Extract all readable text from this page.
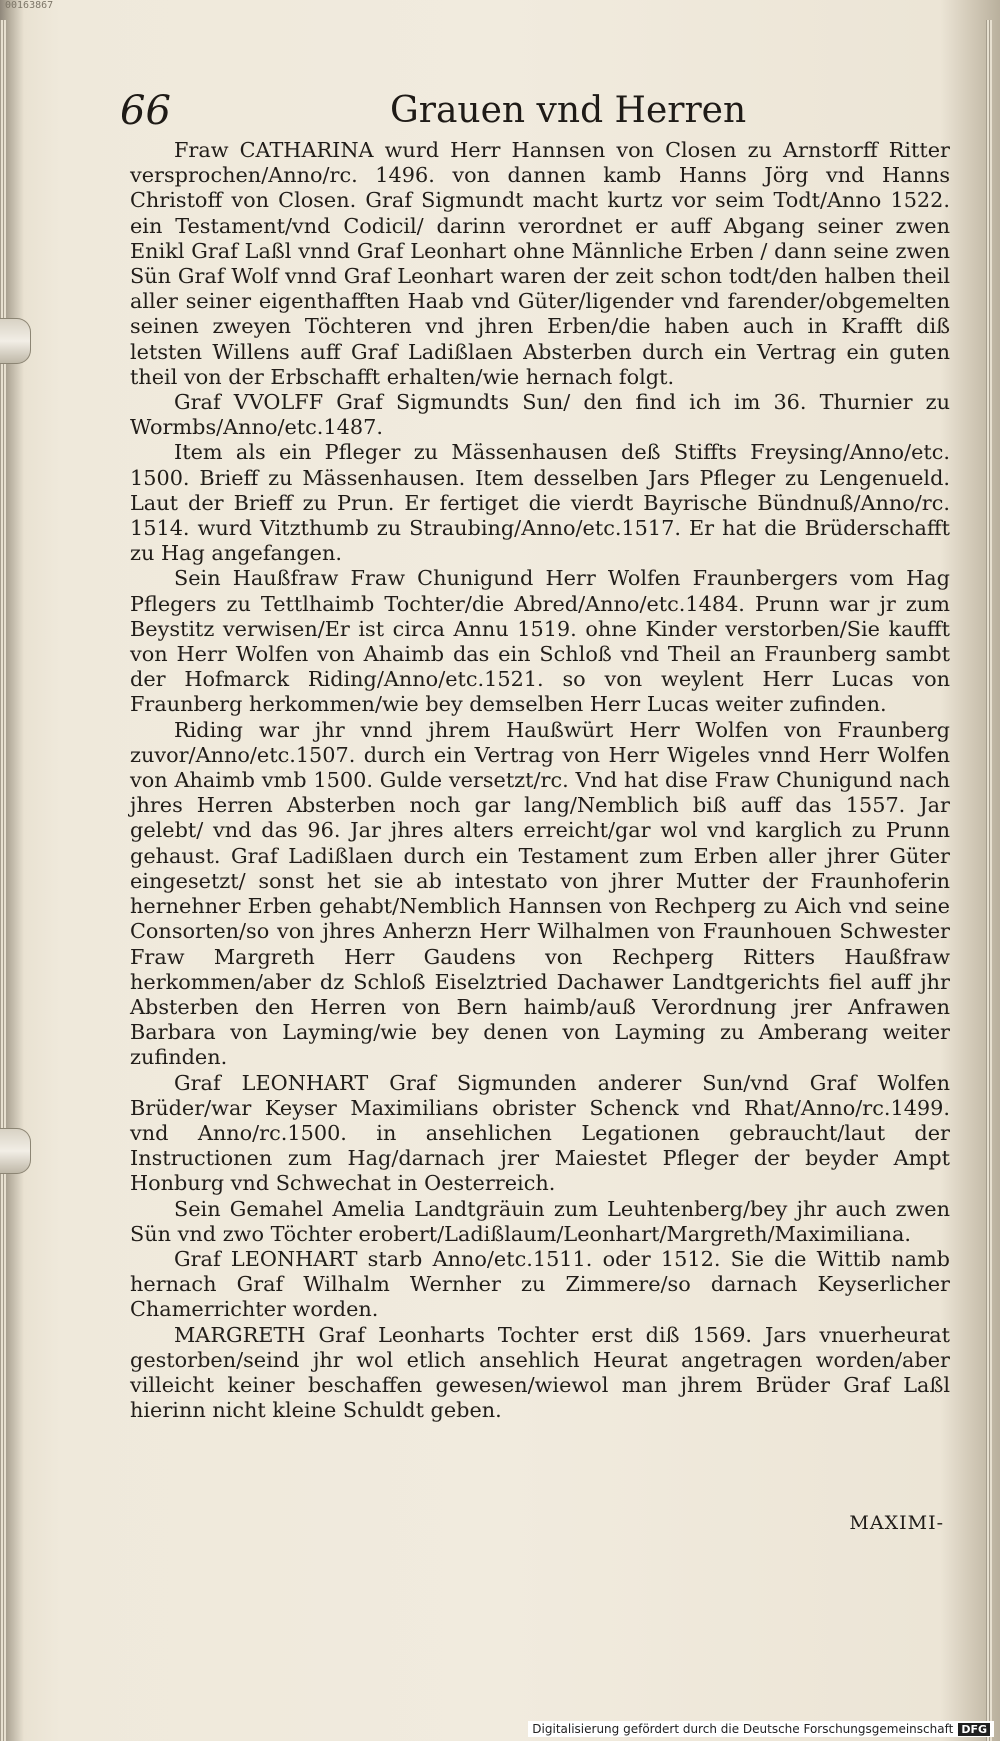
00163867
66	Grauen vnd Herren

Fraw CATHARINA wurd Herr Hannsen von Closen zu Arnstorff Ritter versprochen/Anno/rc. 1496. von dannen kamb Hanns Jörg vnd Hanns Christoff von Closen. Graf Sigmundt macht kurtz vor seim Todt/Anno 1522. ein Testament/vnd Codicil/ darinn verordnet er auff Abgang seiner zwen Enikl Graf Laßl vnnd Graf Leonhart ohne Männliche Erben / dann seine zwen Sün Graf Wolf vnnd Graf Leonhart waren der zeit schon todt/den halben theil aller seiner eigenthafften Haab vnd Güter/ligender vnd farender/obgemelten seinen zweyen Töchteren vnd jhren Erben/die haben auch in Krafft diß letsten Willens auff Graf Ladißlaen Absterben durch ein Vertrag ein guten theil von der Erbschafft erhalten/wie hernach folgt.

Graf VVOLFF Graf Sigmundts Sun/ den find ich im 36. Thurnier zu Wormbs/Anno/etc.1487.

Item als ein Pfleger zu Mässenhausen deß Stiffts Freysing/Anno/etc. 1500. Brieff zu Mässenhausen. Item desselben Jars Pfleger zu Lengenueld. Laut der Brieff zu Prun. Er fertiget die vierdt Bayrische Bündnuß/Anno/rc. 1514. wurd Vitzthumb zu Straubing/Anno/etc.1517. Er hat die Brüderschafft zu Hag angefangen.

Sein Haußfraw Fraw Chunigund Herr Wolfen Fraunbergers vom Hag Pflegers zu Tettlhaimb Tochter/die Abred/Anno/etc.1484. Prunn war jr zum Beystitz verwisen/Er ist circa Annu 1519. ohne Kinder verstorben/Sie kaufft von Herr Wolfen von Ahaimb das ein Schloß vnd Theil an Fraunberg sambt der Hofmarck Riding/Anno/etc.1521. so von weylent Herr Lucas von Fraunberg herkommen/wie bey demselben Herr Lucas weiter zufinden.

Riding war jhr vnnd jhrem Haußwürt Herr Wolfen von Fraunberg zuvor/Anno/etc.1507. durch ein Vertrag von Herr Wigeles vnnd Herr Wolfen von Ahaimb vmb 1500. Gulde versetzt/rc. Vnd hat dise Fraw Chunigund nach jhres Herren Absterben noch gar lang/Nemblich biß auff das 1557. Jar gelebt/ vnd das 96. Jar jhres alters erreicht/gar wol vnd karglich zu Prunn gehaust. Graf Ladißlaen durch ein Testament zum Erben aller jhrer Güter eingesetzt/ sonst het sie ab intestato von jhrer Mutter der Fraunhoferin hernehner Erben gehabt/Nemblich Hannsen von Rechperg zu Aich vnd seine Consorten/so von jhres Anherzn Herr Wilhalmen von Fraunhouen Schwester Fraw Margreth Herr Gaudens von Rechperg Ritters Haußfraw herkommen/aber dz Schloß Eiselztried Dachawer Landtgerichts fiel auff jhr Absterben den Herren von Bern haimb/auß Verordnung jrer Anfrawen Barbara von Layming/wie bey denen von Layming zu Amberang weiter zufinden.

Graf LEONHART Graf Sigmunden anderer Sun/vnd Graf Wolfen Brüder/war Keyser Maximilians obrister Schenck vnd Rhat/Anno/rc.1499. vnd Anno/rc.1500. in ansehlichen Legationen gebraucht/laut der Instructionen zum Hag/darnach jrer Maiestet Pfleger der beyder Ampt Honburg vnd Schwechat in Oesterreich.

Sein Gemahel Amelia Landtgräuin zum Leuhtenberg/bey jhr auch zwen Sün vnd zwo Töchter erobert/Ladißlaum/Leonhart/Margreth/Maximiliana.

Graf LEONHART starb Anno/etc.1511. oder 1512. Sie die Wittib namb hernach Graf Wilhalm Wernher zu Zimmere/so darnach Keyserlicher Chamerrichter worden.

MARGRETH Graf Leonharts Tochter erst diß 1569. Jars vnuerheurat gestorben/seind jhr wol etlich ansehlich Heurat angetragen worden/aber villeicht keiner beschaffen gewesen/wiewol man jhrem Brüder Graf Laßl hierinn nicht kleine Schuldt geben.

MAXIMI-
Digitalisierung gefördert durch die Deutsche Forschungsgemeinschaft DFG
